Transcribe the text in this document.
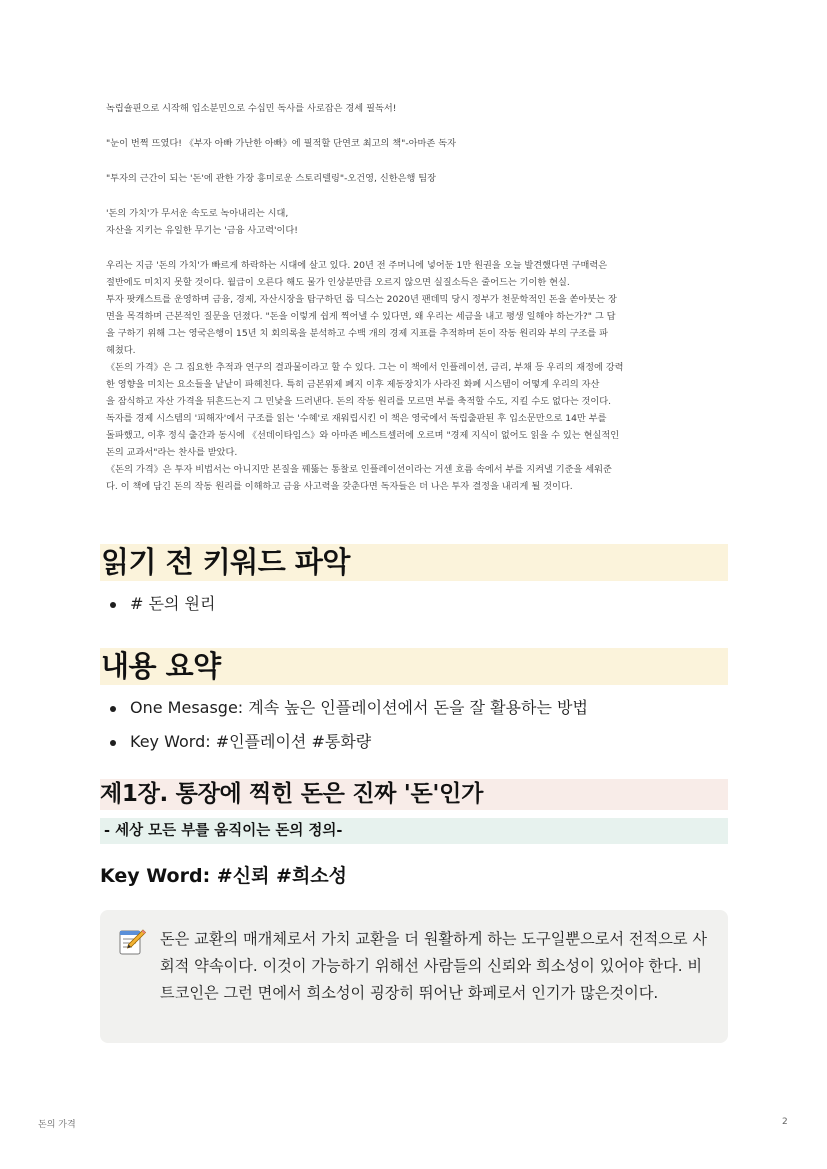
녹립숄핀으로 시작해 입소분민으로 수십민 독사를 사로잡은 경세 필독서!

"눈이 번쩍 뜨였다! 《부자 아빠 가난한 아빠》에 필적할 단연코 최고의 책"-아마존 독자

"투자의 근간이 되는 '돈'에 관한 가장 흥미로운 스토리텔링"-오건영, 신한은행 팀장

'돈의 가치'가 무서운 속도로 녹아내리는 시대,

자산을 지키는 유일한 무기는 '금융 사고력'이다!

우리는 지금 '돈의 가치'가 빠르게 하락하는 시대에 살고 있다. 20년 전 주머니에 넣어둔 1만 원권을 오늘 발견했다면 구매력은

절반에도 미치지 못할 것이다. 월급이 오른다 해도 물가 인상분만큼 오르지 않으면 실질소득은 줄어드는 기이한 현실.

투자 팟캐스트를 운영하며 금융, 경제, 자산시장을 탐구하던 롭 딕스는 2020년 팬데믹 당시 정부가 천문학적인 돈을 쏟아붓는 장

면을 목격하며 근본적인 질문을 던졌다. "돈을 이렇게 쉽게 찍어낼 수 있다면, 왜 우리는 세금을 내고 평생 일해야 하는가?" 그 답

을 구하기 위해 그는 영국은행이 15년 치 회의록을 분석하고 수백 개의 경제 지표를 추적하며 돈이 작동 원리와 부의 구조를 파

헤쳤다.

《돈의 가격》은 그 집요한 추적과 연구의 결과물이라고 할 수 있다. 그는 이 책에서 인플레이션, 금리, 부채 등 우리의 재정에 강력

한 영향을 미치는 요소들을 낱낱이 파헤친다. 특히 금본위제 폐지 이후 제동장치가 사라진 화폐 시스템이 어떻게 우리의 자산

을 잠식하고 자산 가격을 뒤흔드는지 그 민낯을 드러낸다. 돈의 작동 원리를 모르면 부를 축적할 수도, 지킬 수도 없다는 것이다.

독자를 경제 시스템의 '피해자'에서 구조를 읽는 '수혜'로 재워립시킨 이 책은 영국에서 독립출판된 후 입소문만으로 14만 부를

돌파했고, 이후 정식 출간과 동시에 《선데이타임스》와 아마존 베스트셀러에 오르며 "경제 지식이 없어도 읽을 수 있는 현실적인

돈의 교과서"라는 찬사를 받았다.

《돈의 가격》은 투자 비법서는 아니지만 본질을 꿰뚫는 통찰로 인플레이션이라는 거센 흐름 속에서 부를 지켜낼 기준을 세워준

다. 이 책에 담긴 돈의 작동 원리를 이해하고 금융 사고력을 갖춘다면 독자들은 더 나은 투자 결정을 내리게 될 것이다.

읽기 전 키워드 파악
# 돈의 원리
내용 요약
One Mesasge: 계속 높은 인플레이션에서 돈을 잘 활용하는 방법
Key Word: #인플레이션 #통화량
제1장. 통장에 찍힌 돈은 진짜 '돈'인가
- 세상 모든 부를 움직이는 돈의 정의-
Key Word: #신뢰 #희소성
돈은 교환의 매개체로서 가치 교환을 더 원활하게 하는 도구일뿐으로서 전적으로 사회적 약속이다. 이것이 가능하기 위해선 사람들의 신뢰와 희소성이 있어야 한다. 비트코인은 그런 면에서 희소성이 굉장히 뛰어난 화페로서 인기가 많은것이다.
돈의 가격	2
